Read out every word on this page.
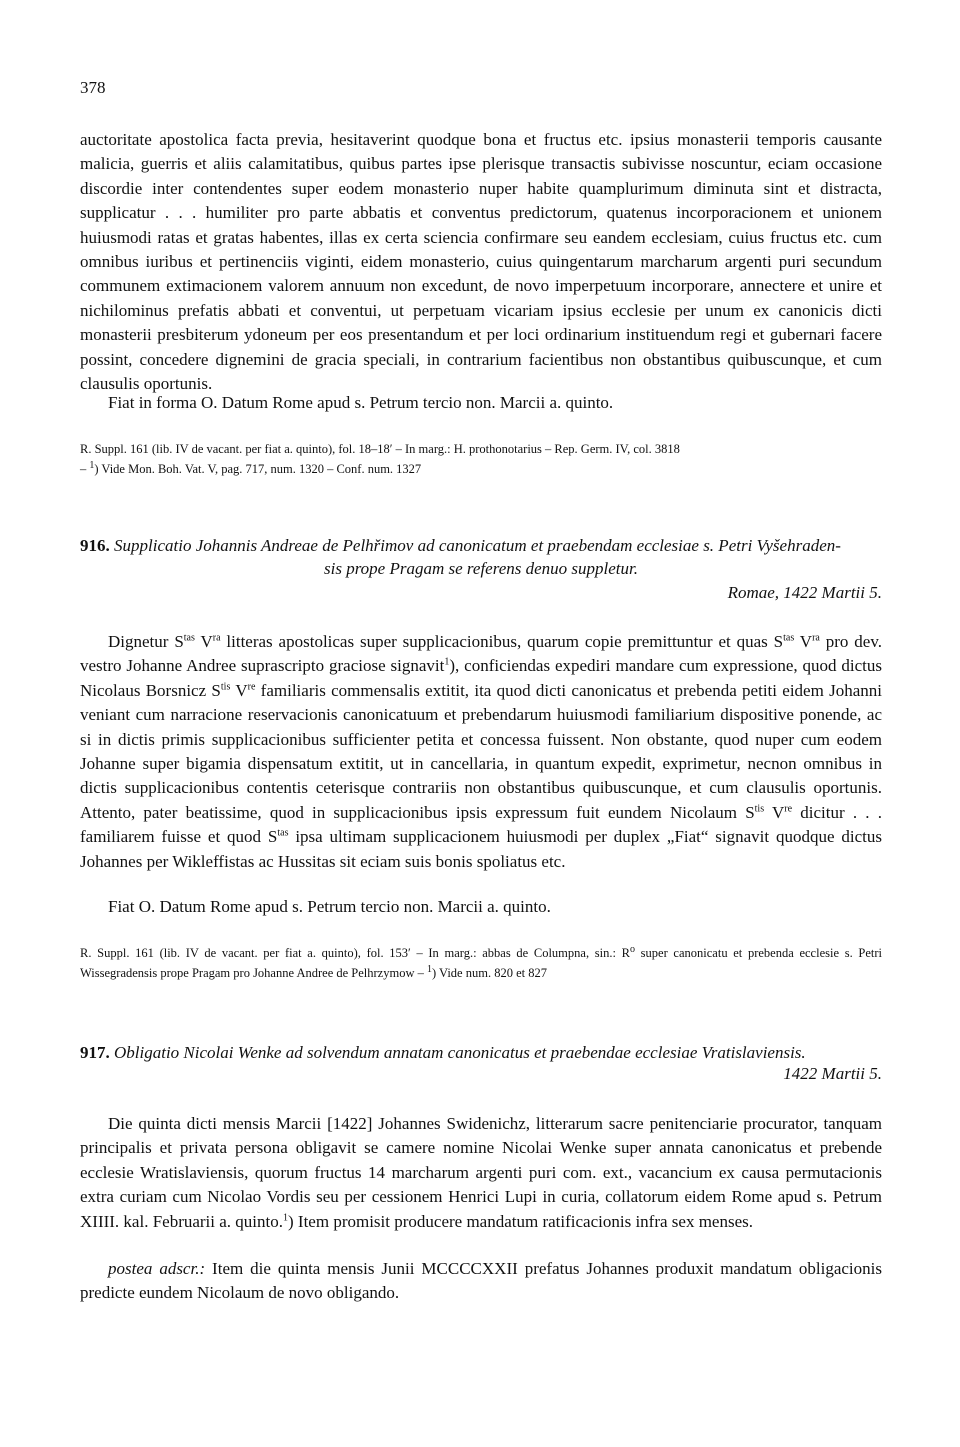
378

auctoritate apostolica facta previa, hesitaverint quodque bona et fructus etc. ipsius monasterii temporis causante malicia, guerris et aliis calamitatibus, quibus partes ipse plerisque transactis subivisse noscuntur, eciam occasione discordie inter contendentes super eodem monasterio nuper habite quamplurimum diminuta sint et distracta, supplicatur . . . humiliter pro parte abbatis et conventus predictorum, quatenus incorporacionem et unionem huiusmodi ratas et gratas habentes, illas ex certa sciencia confirmare seu eandem ecclesiam, cuius fructus etc. cum omnibus iuribus et pertinenciis viginti, eidem monasterio, cuius quingentarum marcharum argenti puri secundum communem extimacionem valorem annuum non excedunt, de novo imperpetuum incorporare, annectere et unire et nichilominus prefatis abbati et conventui, ut perpetuam vicariam ipsius ecclesie per unum ex canonicis dicti monasterii presbiterum ydoneum per eos presentandum et per loci ordinarium instituendum regi et gubernari facere possint, concedere dignemini de gracia speciali, in contrarium facientibus non obstantibus quibuscunque, et cum clausulis oportunis.

Fiat in forma O. Datum Rome apud s. Petrum tercio non. Marcii a. quinto.

R. Suppl. 161 (lib. IV de vacant. per fiat a. quinto), fol. 18–18′ – In marg.: H. prothonotarius – Rep. Germ. IV, col. 3818
– $^1$) Vide Mon. Boh. Vat. V, pag. 717, num. 1320 – Conf. num. 1327
916. Supplicatio Johannis Andreae de Pelhřimov ad canonicatum et praebendam ecclesiae s. Petri Vyšehraden-
sis prope Pragam se referens denuo suppletur.

Romae, 1422 Martii 5.

Dignetur $S^{tas}$ $V^{ra}$ litteras apostolicas super supplicacionibus, quarum copie premittuntur et quas $S^{tas}$ $V^{ra}$ pro dev. vestro Johanne Andree suprascripto graciose signavit$^1$), conficiendas expediri mandare cum expressione, quod dictus Nicolaus Borsnicz $S^{tis}$ Vre familiaris commensalis extitit, ita quod dicti canonicatus et prebenda petiti eidem Johanni veniant cum narracione reservacionis canonicatuum et prebendarum huiusmodi familiarium dispositive ponende, ac si in dictis primis supplicacionibus sufficienter petita et concessa fuissent. Non obstante, quod nuper cum eodem Johanne super bigamia dispensatum extitit, ut in cancellaria, in quantum expedit, exprimetur, necnon omnibus in dictis supplicacionibus contentis ceterisque contrariis non obstantibus quibuscunque, et cum clausulis oportunis. Attento, pater beatissime, quod in supplicacionibus ipsis expressum fuit eundem Nicolaum $S^{tis}$ Vre dicitur . . . familiarem fuisse et quod $S^{tas}$ ipsa ultimam supplicacionem huiusmodi per duplex „Fiat“ signavit quodque dictus Johannes per Wikleffistas ac Hussitas sit eciam suis bonis spoliatus etc.

Fiat O. Datum Rome apud s. Petrum tercio non. Marcii a. quinto.

R. Suppl. 161 (lib. IV de vacant. per fiat a. quinto), fol. 153′ – In marg.: abbas de Columpna, sin.: $R^o$ super canonicatu et prebenda ecclesie s. Petri Wissegradensis prope Pragam pro Johanne Andree de Pelhrzymow – $^1$) Vide num. 820 et 827

917. Obligatio Nicolai Wenke ad solvendum annatam canonicatus et praebendae ecclesiae Vratislaviensis.

1422 Martii 5.

Die quinta dicti mensis Marcii [1422] Johannes Swidenichz, litterarum sacre penitenciarie procurator, tanquam principalis et privata persona obligavit se camere nomine Nicolai Wenke super annata canonicatus et prebende ecclesie Wratislaviensis, quorum fructus 14 marcharum argenti puri com. ext., vacancium ex causa permutacionis extra curiam cum Nicolao Vordis seu per cessionem Henrici Lupi in curia, collatorum eidem Rome apud s. Petrum XIIII. kal. Februarii a. quinto.$^1$) Item promisit producere mandatum ratificacionis infra sex menses.

postea adscr.: Item die quinta mensis Junii MCCCCXXII prefatus Johannes produxit mandatum obligacionis predicte eundem Nicolaum de novo obligando.
